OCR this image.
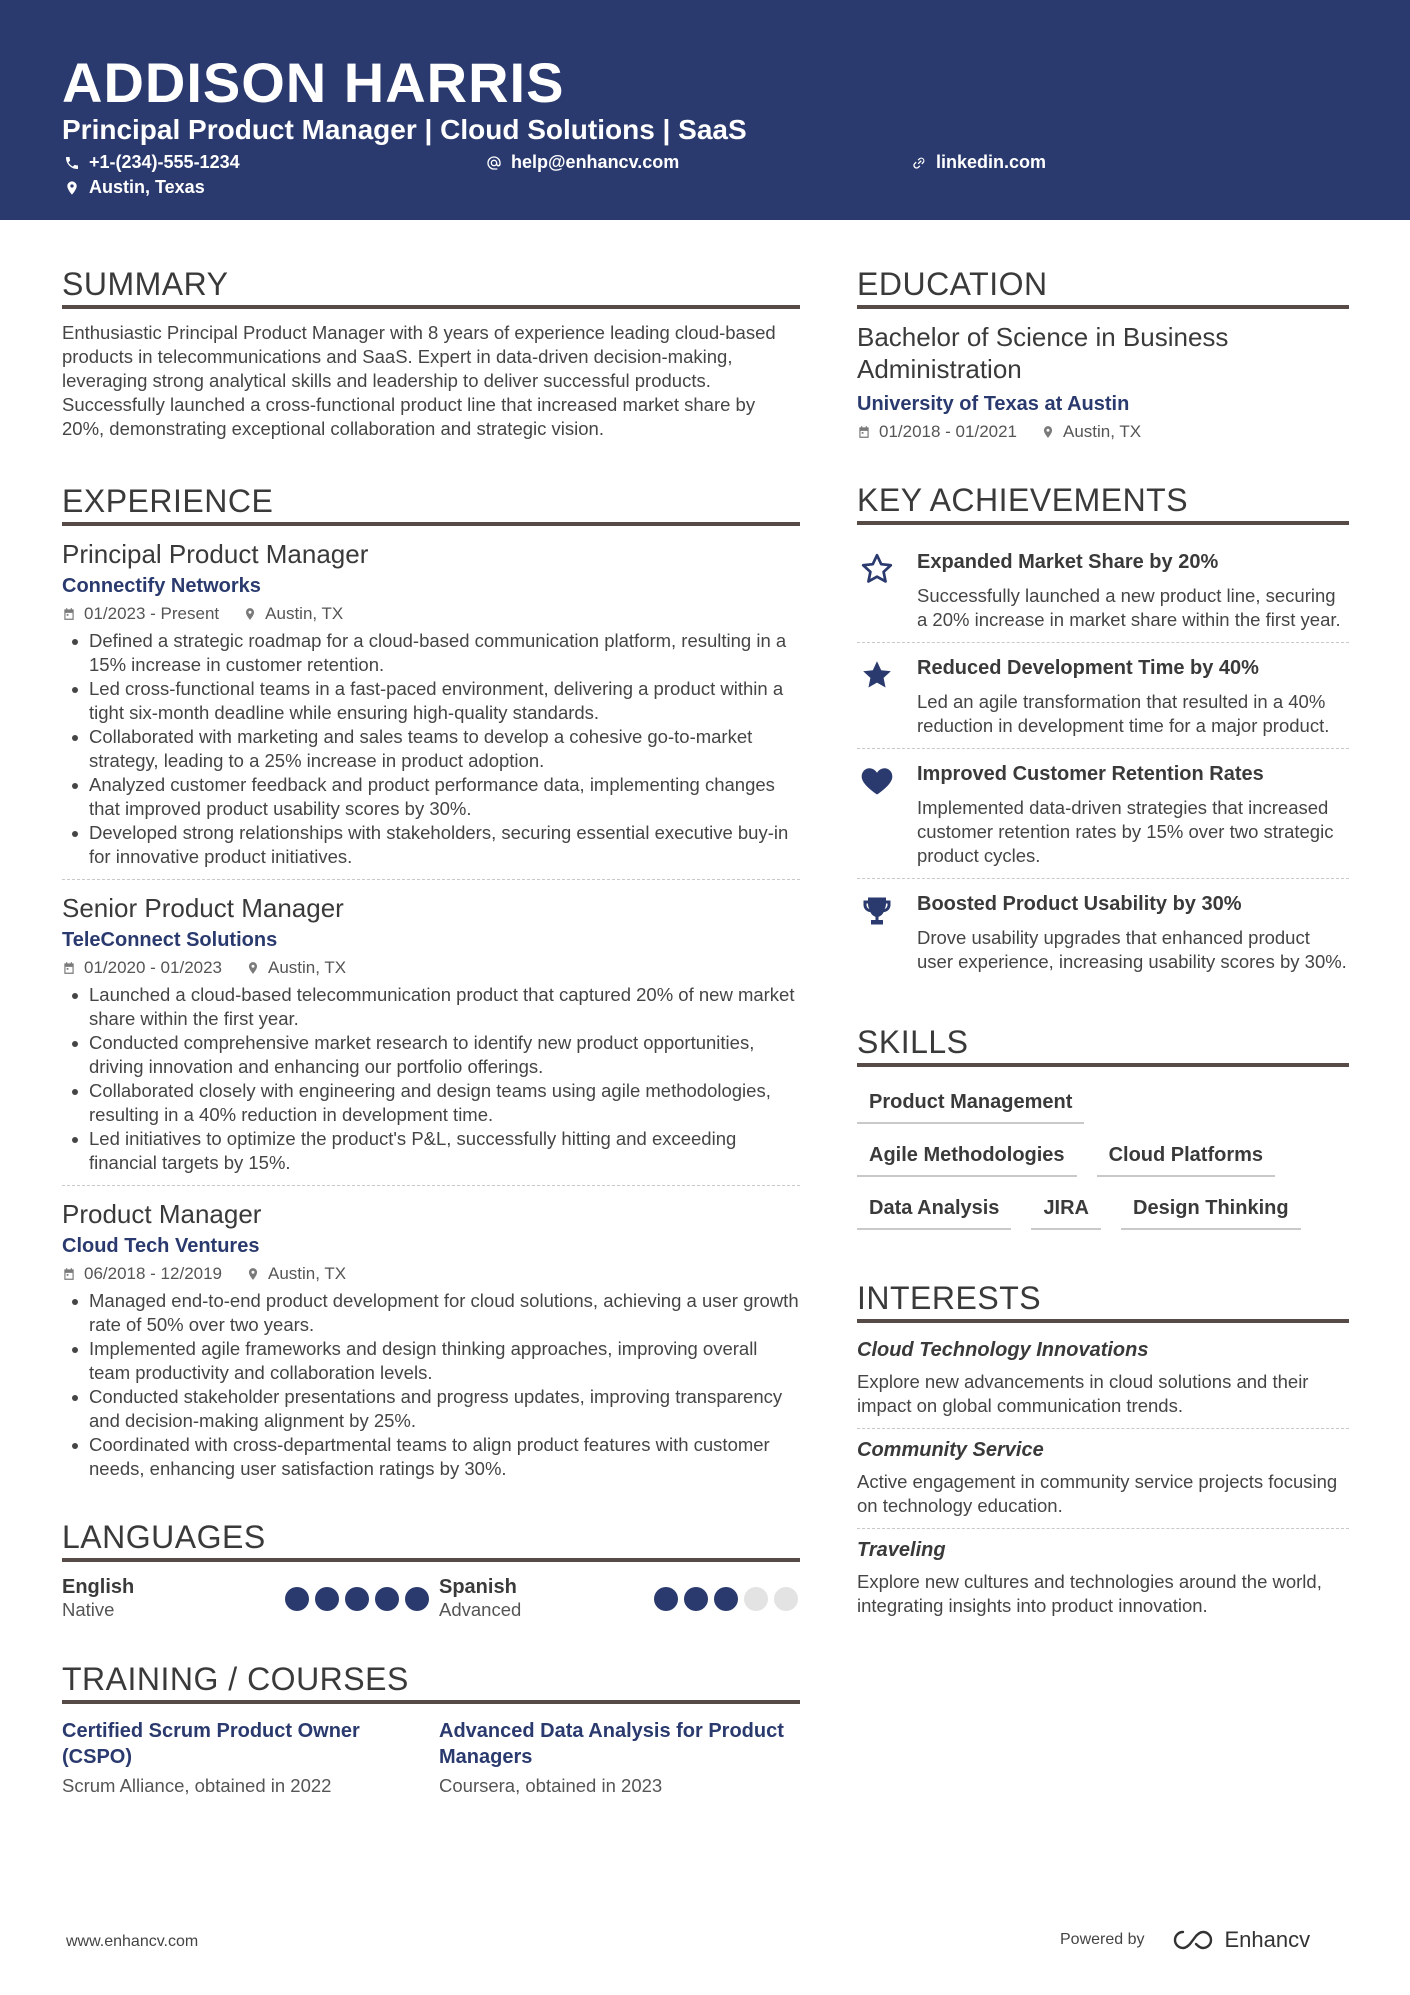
ADDISON HARRIS
Principal Product Manager | Cloud Solutions | SaaS
+1-(234)-555-1234	help@enhancv.com	linkedin.com
Austin, Texas
SUMMARY

Enthusiastic Principal Product Manager with 8 years of experience leading cloud-based products in telecommunications and SaaS. Expert in data-driven decision-making, leveraging strong analytical skills and leadership to deliver successful products. Successfully launched a cross-functional product line that increased market share by 20%, demonstrating exceptional collaboration and strategic vision.

EXPERIENCE
Principal Product Manager
Connectify Networks
01/2023 - Present	Austin, TX
Defined a strategic roadmap for a cloud-based communication platform, resulting in a 15% increase in customer retention.
Led cross-functional teams in a fast-paced environment, delivering a product within a tight six-month deadline while ensuring high-quality standards.
Collaborated with marketing and sales teams to develop a cohesive go-to-market strategy, leading to a 25% increase in product adoption.
Analyzed customer feedback and product performance data, implementing changes that improved product usability scores by 30%.
Developed strong relationships with stakeholders, securing essential executive buy-in for innovative product initiatives.
Senior Product Manager
TeleConnect Solutions
01/2020 - 01/2023	Austin, TX
Launched a cloud-based telecommunication product that captured 20% of new market share within the first year.
Conducted comprehensive market research to identify new product opportunities, driving innovation and enhancing our portfolio offerings.
Collaborated closely with engineering and design teams using agile methodologies, resulting in a 40% reduction in development time.
Led initiatives to optimize the product's P&L, successfully hitting and exceeding financial targets by 15%.
Product Manager
Cloud Tech Ventures
06/2018 - 12/2019	Austin, TX
Managed end-to-end product development for cloud solutions, achieving a user growth rate of 50% over two years.
Implemented agile frameworks and design thinking approaches, improving overall team productivity and collaboration levels.
Conducted stakeholder presentations and progress updates, improving transparency and decision-making alignment by 25%.
Coordinated with cross-departmental teams to align product features with customer needs, enhancing user satisfaction ratings by 30%.
LANGUAGES
English
Native
Spanish
Advanced
TRAINING / COURSES
Certified Scrum Product Owner (CSPO)
Scrum Alliance, obtained in 2022
Advanced Data Analysis for Product Managers
Coursera, obtained in 2023
EDUCATION
Bachelor of Science in Business Administration
University of Texas at Austin
01/2018 - 01/2021	Austin, TX
KEY ACHIEVEMENTS
Expanded Market Share by 20%
Successfully launched a new product line, securing a 20% increase in market share within the first year.
Reduced Development Time by 40%
Led an agile transformation that resulted in a 40% reduction in development time for a major product.
Improved Customer Retention Rates
Implemented data-driven strategies that increased customer retention rates by 15% over two strategic product cycles.
Boosted Product Usability by 30%
Drove usability upgrades that enhanced product user experience, increasing usability scores by 30%.
SKILLS
Product Management
Agile Methodologies	Cloud Platforms
Data Analysis	JIRA	Design Thinking
INTERESTS
Cloud Technology Innovations
Explore new advancements in cloud solutions and their impact on global communication trends.
Community Service
Active engagement in community service projects focusing on technology education.
Traveling
Explore new cultures and technologies around the world, integrating insights into product innovation.
www.enhancv.com	Powered by	Enhancv
